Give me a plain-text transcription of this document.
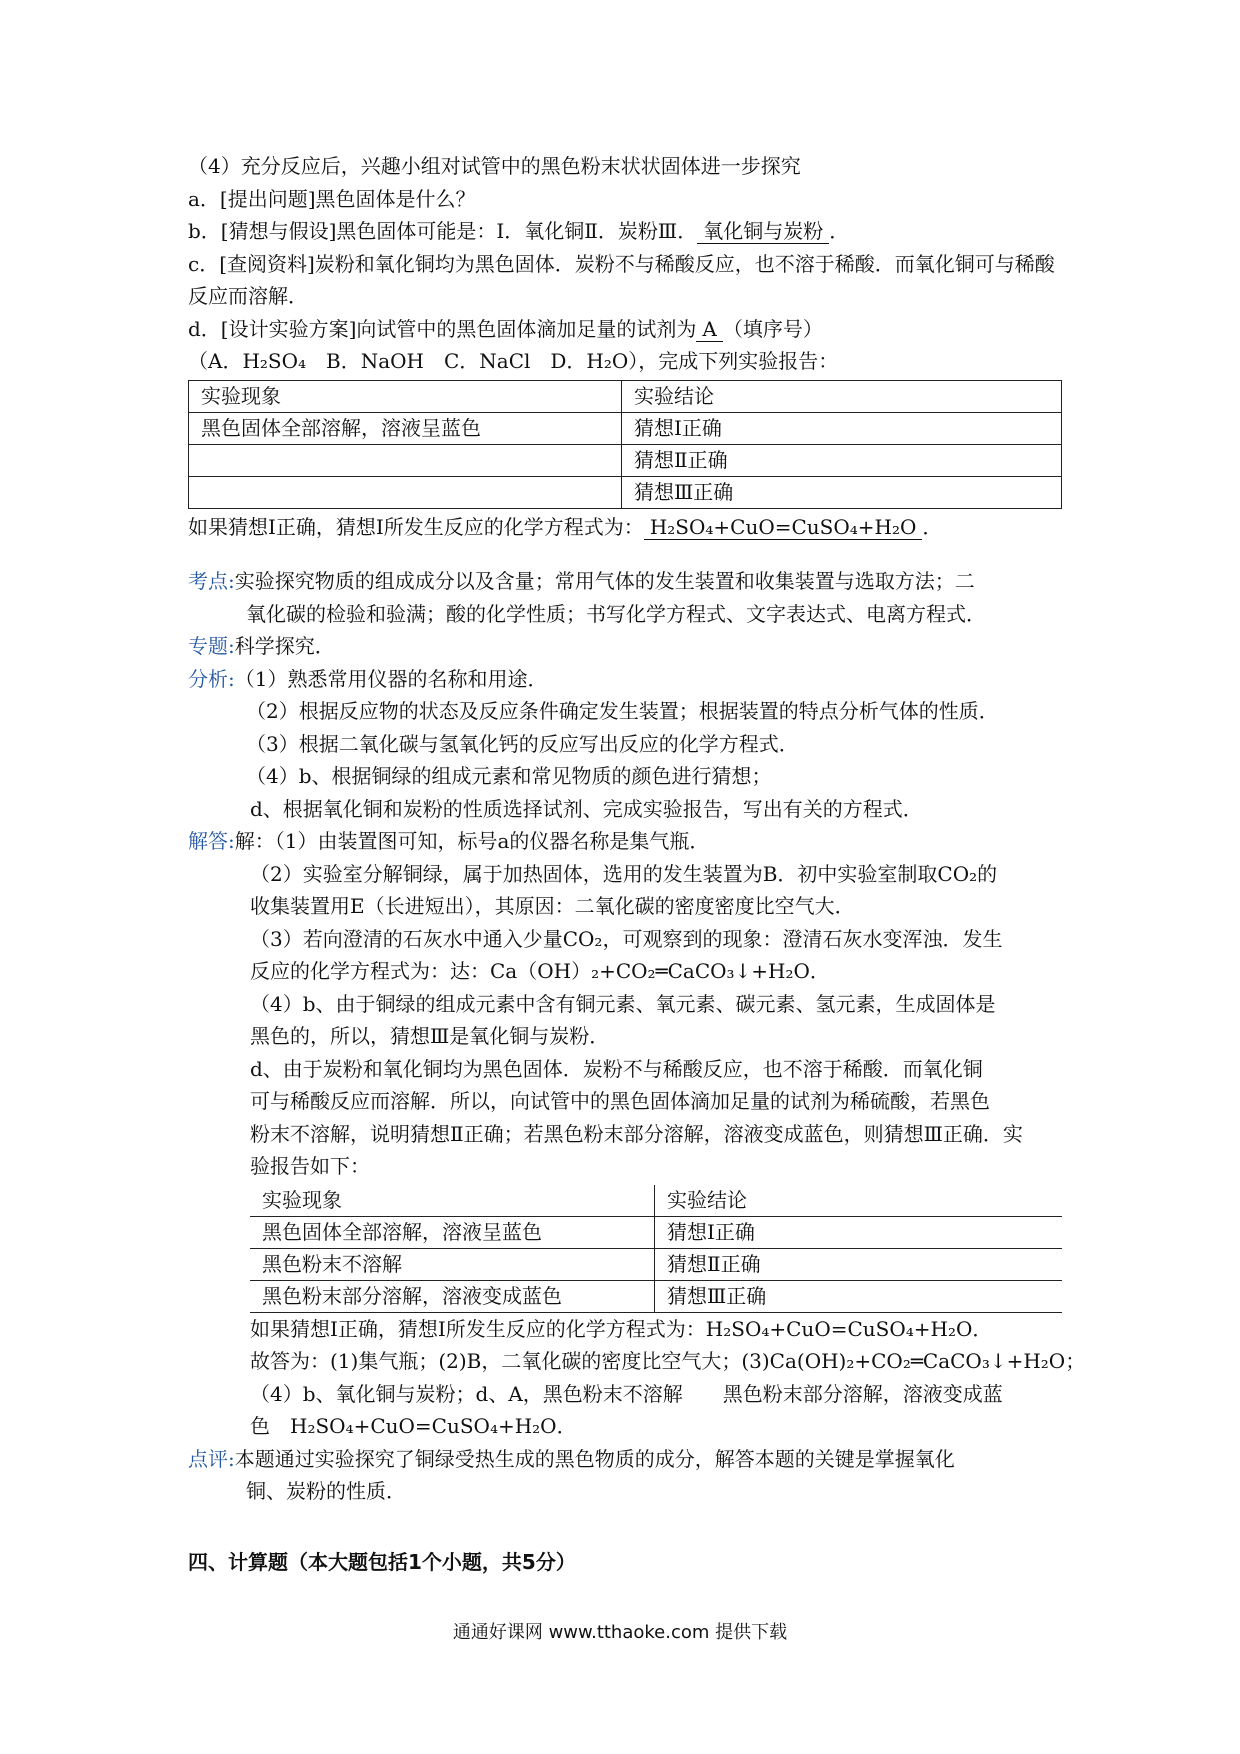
（4）充分反应后，兴趣小组对试管中的黑色粉末状状固体进一步探究
a．[提出问题]黑色固体是什么？
b．[猜想与假设]黑色固体可能是：Ⅰ．氧化铜Ⅱ．炭粉Ⅲ． 氧化铜与炭粉 ．
c．[查阅资料]炭粉和氧化铜均为黑色固体．炭粉不与稀酸反应，也不溶于稀酸．而氧化铜可与稀酸反应而溶解．
d．[设计实验方案]向试管中的黑色固体滴加足量的试剂为 A （填序号）
（A．H₂SO₄　B．NaOH　C．NaCl　D．H₂O），完成下列实验报告：
实验现象	实验结论
黑色固体全部溶解，溶液呈蓝色	猜想Ⅰ正确
	猜想Ⅱ正确
	猜想Ⅲ正确
如果猜想Ⅰ正确，猜想Ⅰ所发生反应的化学方程式为： H₂SO₄+CuO=CuSO₄+H₂O ．
考点:实验探究物质的组成成分以及含量；常用气体的发生装置和收集装置与选取方法；二
氧化碳的检验和验满；酸的化学性质；书写化学方程式、文字表达式、电离方程式．
专题:科学探究．
分析:（1）熟悉常用仪器的名称和用途．
（2）根据反应物的状态及反应条件确定发生装置；根据装置的特点分析气体的性质．
（3）根据二氧化碳与氢氧化钙的反应写出反应的化学方程式．
（4）b、根据铜绿的组成元素和常见物质的颜色进行猜想；
d、根据氧化铜和炭粉的性质选择试剂、完成实验报告，写出有关的方程式．
解答:解：（1）由装置图可知，标号a的仪器名称是集气瓶．
（2）实验室分解铜绿，属于加热固体，选用的发生装置为B．初中实验室制取CO₂的
收集装置用E（长进短出），其原因：二氧化碳的密度密度比空气大．
（3）若向澄清的石灰水中通入少量CO₂，可观察到的现象：澄清石灰水变浑浊．发生
反应的化学方程式为：达：Ca（OH）₂+CO₂═CaCO₃↓+H₂O．
（4）b、由于铜绿的组成元素中含有铜元素、氧元素、碳元素、氢元素，生成固体是
黑色的，所以，猜想Ⅲ是氧化铜与炭粉．
d、由于炭粉和氧化铜均为黑色固体．炭粉不与稀酸反应，也不溶于稀酸．而氧化铜
可与稀酸反应而溶解．所以，向试管中的黑色固体滴加足量的试剂为稀硫酸，若黑色
粉末不溶解，说明猜想Ⅱ正确；若黑色粉末部分溶解，溶液变成蓝色，则猜想Ⅲ正确．实
验报告如下：
实验现象	实验结论
黑色固体全部溶解，溶液呈蓝色	猜想Ⅰ正确
黑色粉末不溶解	猜想Ⅱ正确
黑色粉末部分溶解，溶液变成蓝色	猜想Ⅲ正确
如果猜想Ⅰ正确，猜想Ⅰ所发生反应的化学方程式为：H₂SO₄+CuO=CuSO₄+H₂O．
故答为：(1)集气瓶；(2)B，二氧化碳的密度比空气大；(3)Ca(OH)₂+CO₂═CaCO₃↓+H₂O；
（4）b、氧化铜与炭粉；d、A，黑色粉末不溶解　　黑色粉末部分溶解，溶液变成蓝
色　H₂SO₄+CuO=CuSO₄+H₂O．
点评:本题通过实验探究了铜绿受热生成的黑色物质的成分，解答本题的关键是掌握氧化
铜、炭粉的性质．
四、计算题（本大题包括1个小题，共5分）
通通好课网 www.tthaoke.com 提供下载
